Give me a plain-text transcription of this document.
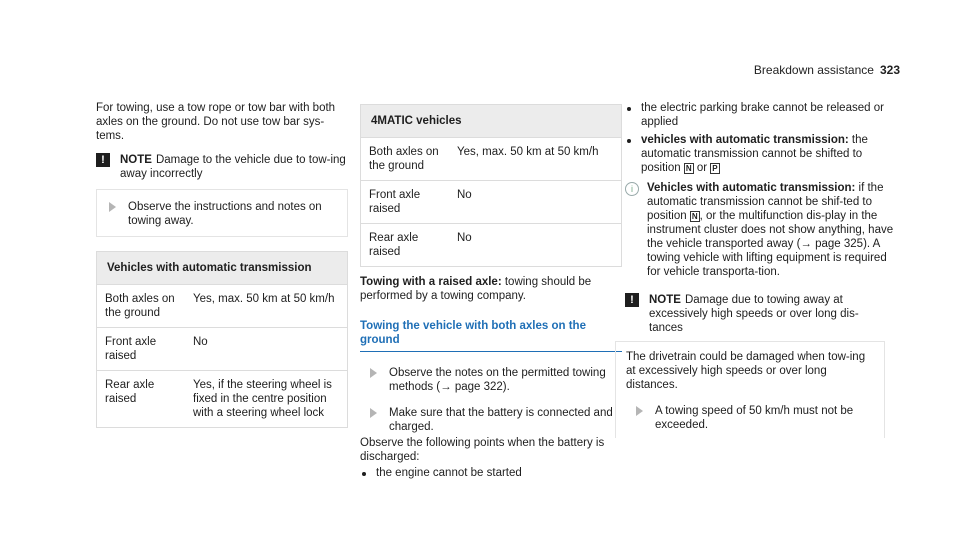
Breakdown assistance 323

For towing, use a tow rope or tow bar with both axles on the ground. Do not use tow bar sys-tems.

!	NOTE Damage to the vehicle due to tow-ing away incorrectly
Observe the instructions and notes on towing away.
Vehicles with automatic transmission	
Both axles on the ground	Yes, max. 50 km at 50 km/h
Front axle raised	No
Rear axle raised	Yes, if the steering wheel is fixed in the centre position with a steering wheel lock
4MATIC vehicles	
Both axles on the ground	Yes, max. 50 km at 50 km/h
Front axle raised	No
Rear axle raised	No

Towing with a raised axle: towing should be performed by a towing company.

Towing the vehicle with both axles on the ground
Observe the notes on the permitted towing methods (→ page 322).
Make sure that the battery is connected and charged.

Observe the following points when the battery is discharged:

the engine cannot be started
the electric parking brake cannot be released or applied
vehicles with automatic transmission: the automatic transmission cannot be shifted to position N or P
i	Vehicles with automatic transmission: if the automatic transmission cannot be shif-ted to position N , or the multifunction dis-play in the instrument cluster does not show anything, have the vehicle transported away (→ page 325). A towing vehicle with lifting equipment is required for vehicle transporta-tion.
!	NOTE Damage due to towing away at excessively high speeds or over long dis-tances

The drivetrain could be damaged when tow-ing at excessively high speeds or over long distances.

A towing speed of 50 km/h must not be exceeded.
